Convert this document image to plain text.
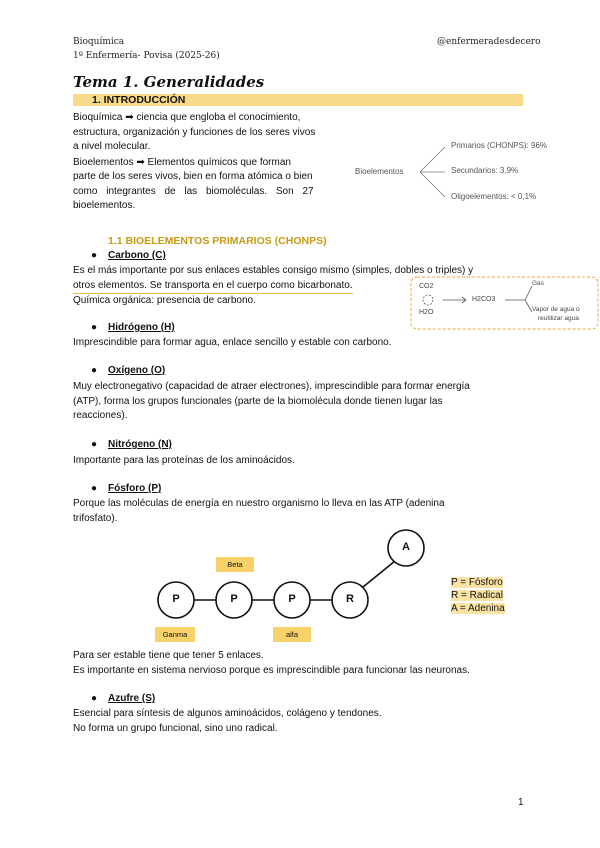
Bioquímica
1º Enfermería- Povisa (2025-26)
@enfermeradesdecero
Tema 1. Generalidades
1. INTRODUCCIÓN
Bioquímica ➡ ciencia que engloba el conocimiento,
estructura, organización y funciones de los seres vivos
a nivel molecular.
Bioelementos ➡ Elementos químicos que forman
parte de los seres vivos, bien en forma atómica o bien
como integrantes de las biomoléculas. Son 27
bioelementos.
Bioelementos
Primarios (CHONPS): 96%
Secundarios: 3,9%
Oligoelementos: < 0,1%
1.1 BIOELEMENTOS PRIMARIOS (CHONPS)
● Carbono (C)
Es el más importante por sus enlaces estables consigo mismo (simples, dobles o triples) y
otros elementos. Se transporta en el cuerpo como bicarbonato.
Química orgánica: presencia de carbono.
CO2
H2O
H2CO3
Gas
Vapor de agua o
reutilizar agua
● Hidrógeno (H)
Imprescindible para formar agua, enlace sencillo y estable con carbono.
● Oxígeno (O)
Muy electronegativo (capacidad de atraer electrones), imprescindible para formar energía
(ATP), forma los grupos funcionales (parte de la biomolécula donde tienen lugar las
reacciones).
● Nitrógeno (N)
Importante para las proteínas de los aminoácidos.
● Fósforo (P)
Porque las moléculas de energía en nuestro organismo lo lleva en las ATP (adenina
trifosfato).
P	P	P	R
A
Beta
Ganma	alfa
P = Fósforo
R = Radical
A = Adenina
Para ser estable tiene que tener 5 enlaces.
Es importante en sistema nervioso porque es imprescindible para funcionar las neuronas.
● Azufre (S)
Esencial para síntesis de algunos aminoácidos, colágeno y tendones.
No forma un grupo funcional, sino uno radical.
1
